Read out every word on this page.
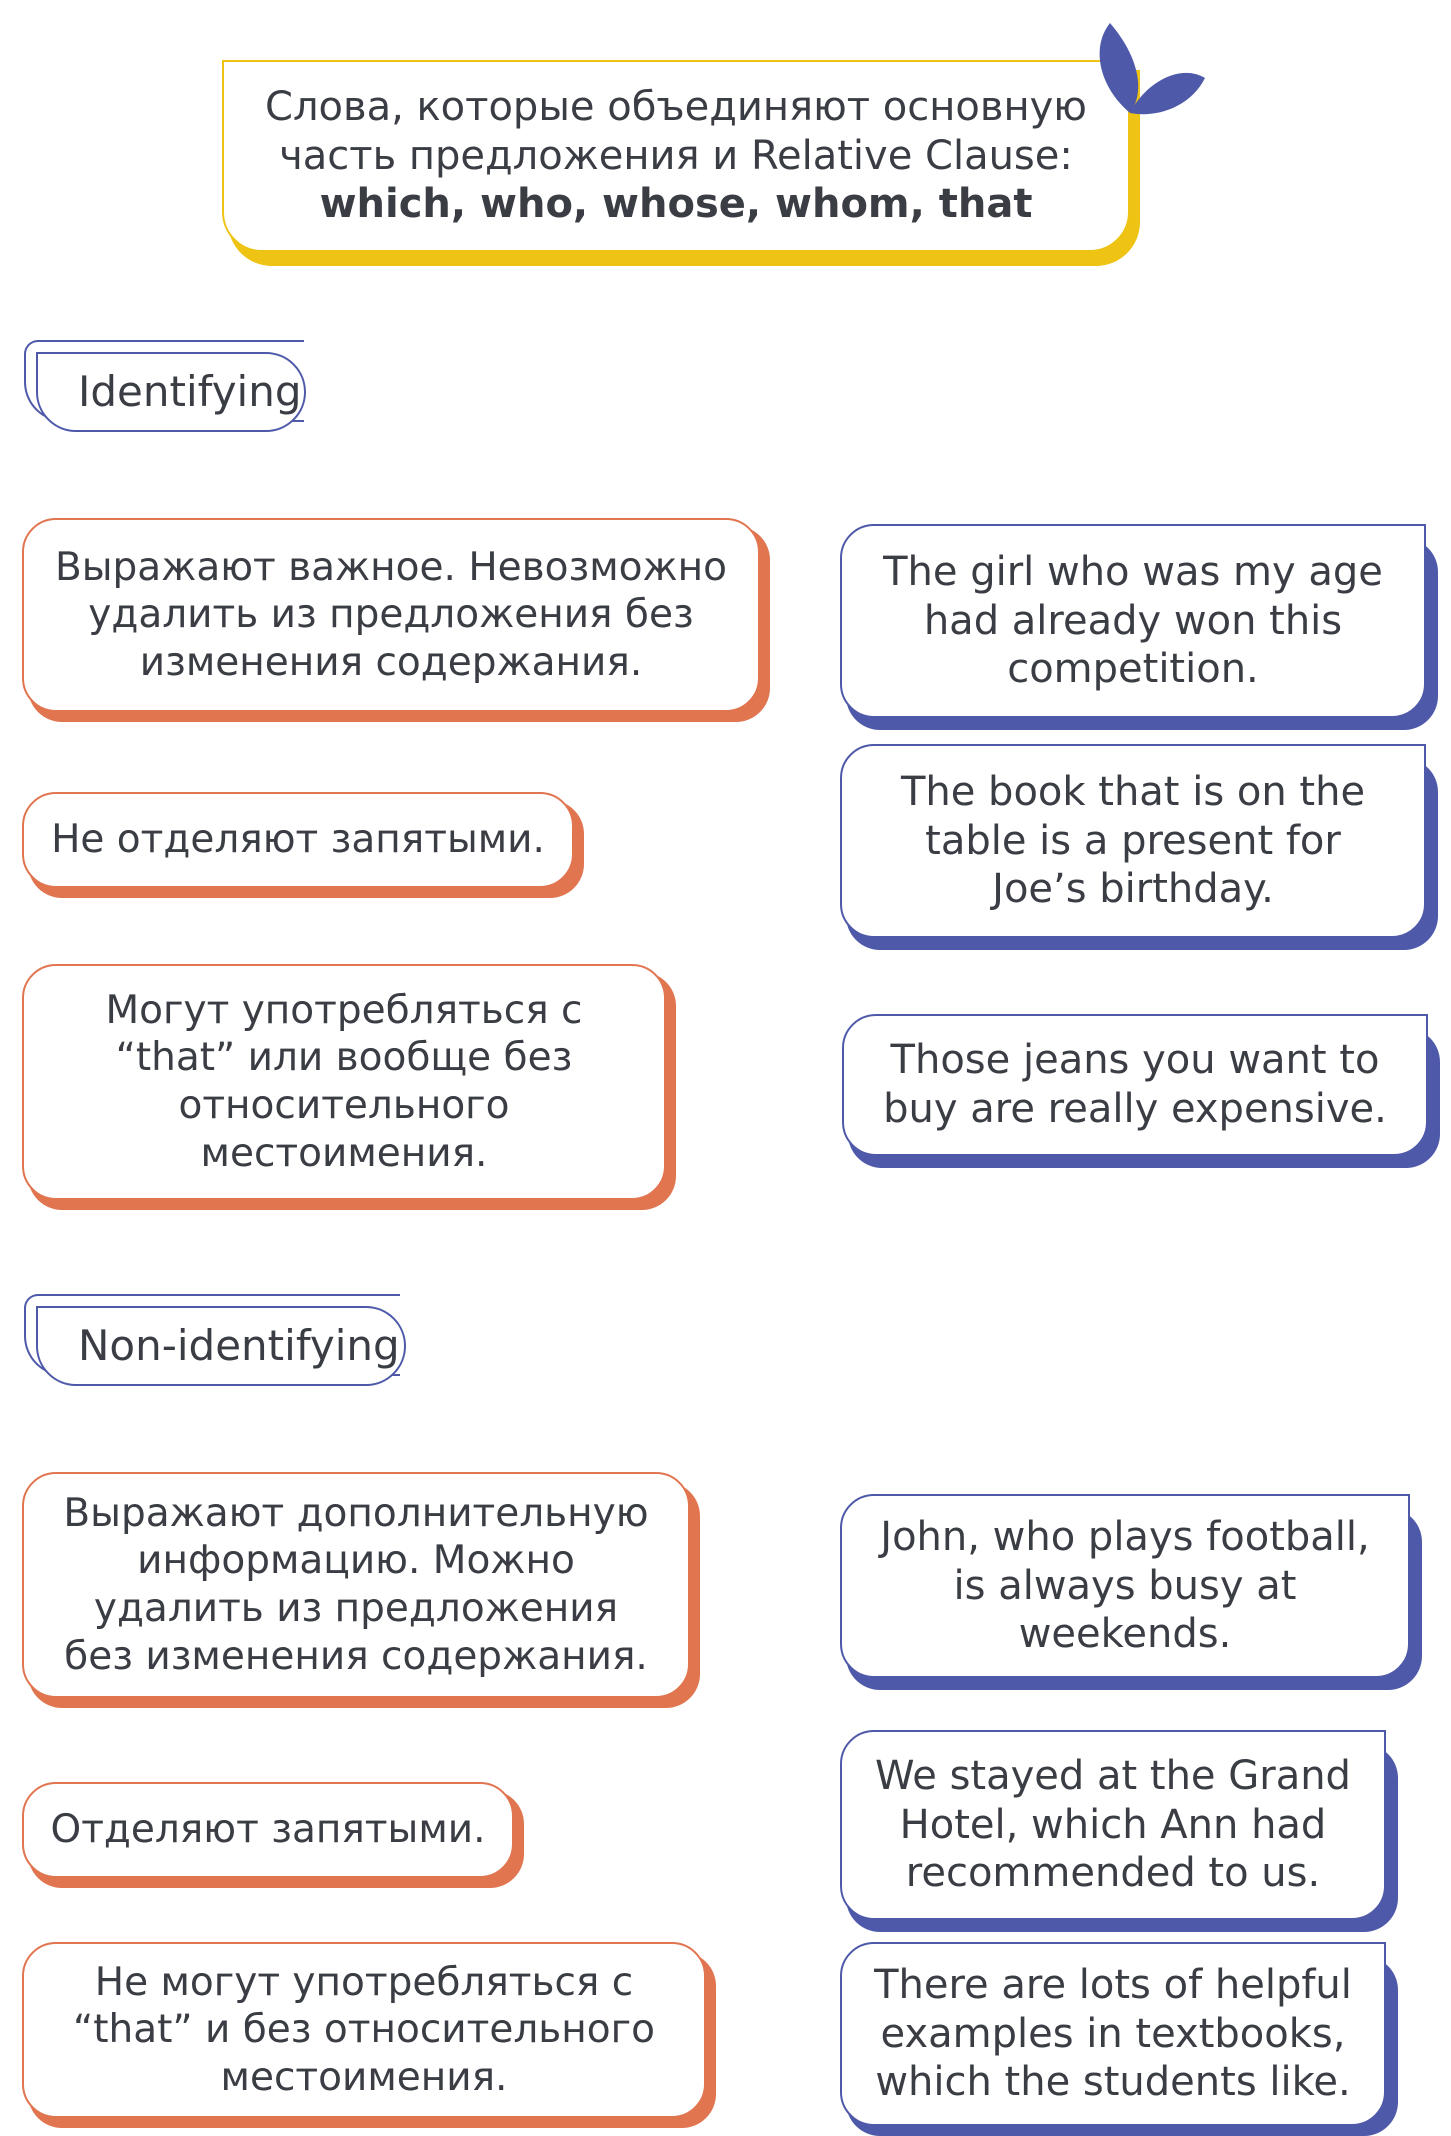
Слова, которые объединяют основную
часть предложения и Relative Clause:
which, who, whose, whom, that
Identifying
Выражают важное. Невозможно
удалить из предложения без
изменения содержания.
Не отделяют запятыми.
Могут употребляться с
“that” или вообще без
относительного
местоимения.
The girl who was my age
had already won this
competition.
The book that is on the
table is a present for
Joe’s birthday.
Those jeans you want to
buy are really expensive.
Non-identifying
Выражают дополнительную
информацию. Можно
удалить из предложения
без изменения содержания.
Отделяют запятыми.
Не могут употребляться с
“that” и без относительного
местоимения.
John, who plays football,
is always busy at
weekends.
We stayed at the Grand
Hotel, which Ann had
recommended to us.
There are lots of helpful
examples in textbooks,
which the students like.
